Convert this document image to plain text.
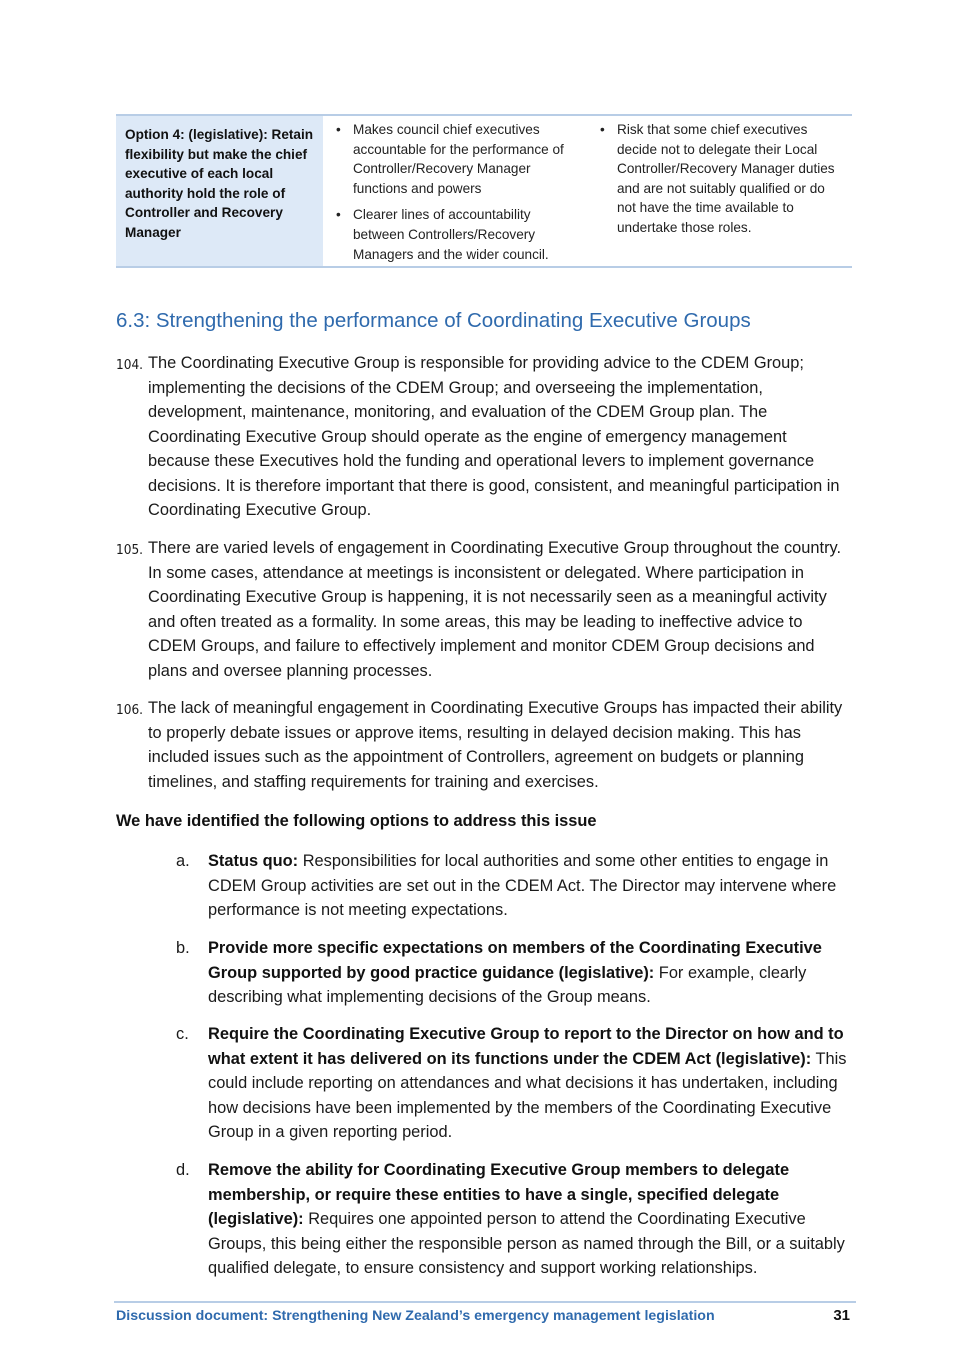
Option 4: (legislative): Retain flexibility but make the chief executive of each local authority hold the role of Controller and Recovery Manager
• Makes council chief executives accountable for the performance of Controller/Recovery Manager functions and powers
• Clearer lines of accountability between Controllers/Recovery Managers and the wider council.
• Risk that some chief executives decide not to delegate their Local Controller/Recovery Manager duties and are not suitably qualified or do not have the time available to undertake those roles.
6.3: Strengthening the performance of Coordinating Executive Groups
104. The Coordinating Executive Group is responsible for providing advice to the CDEM Group; implementing the decisions of the CDEM Group; and overseeing the implementation, development, maintenance, monitoring, and evaluation of the CDEM Group plan. The Coordinating Executive Group should operate as the engine of emergency management because these Executives hold the funding and operational levers to implement governance decisions. It is therefore important that there is good, consistent, and meaningful participation in Coordinating Executive Group.
105. There are varied levels of engagement in Coordinating Executive Group throughout the country. In some cases, attendance at meetings is inconsistent or delegated. Where participation in Coordinating Executive Group is happening, it is not necessarily seen as a meaningful activity and often treated as a formality. In some areas, this may be leading to ineffective advice to CDEM Groups, and failure to effectively implement and monitor CDEM Group decisions and plans and oversee planning processes.
106. The lack of meaningful engagement in Coordinating Executive Groups has impacted their ability to properly debate issues or approve items, resulting in delayed decision making. This has included issues such as the appointment of Controllers, agreement on budgets or planning timelines, and staffing requirements for training and exercises.
We have identified the following options to address this issue
a. Status quo: Responsibilities for local authorities and some other entities to engage in CDEM Group activities are set out in the CDEM Act. The Director may intervene where performance is not meeting expectations.
b. Provide more specific expectations on members of the Coordinating Executive Group supported by good practice guidance (legislative): For example, clearly describing what implementing decisions of the Group means.
c. Require the Coordinating Executive Group to report to the Director on how and to what extent it has delivered on its functions under the CDEM Act (legislative): This could include reporting on attendances and what decisions it has undertaken, including how decisions have been implemented by the members of the Coordinating Executive Group in a given reporting period.
d. Remove the ability for Coordinating Executive Group members to delegate membership, or require these entities to have a single, specified delegate (legislative): Requires one appointed person to attend the Coordinating Executive Groups, this being either the responsible person as named through the Bill, or a suitably qualified delegate, to ensure consistency and support working relationships.
Discussion document: Strengthening New Zealand’s emergency management legislation	31
